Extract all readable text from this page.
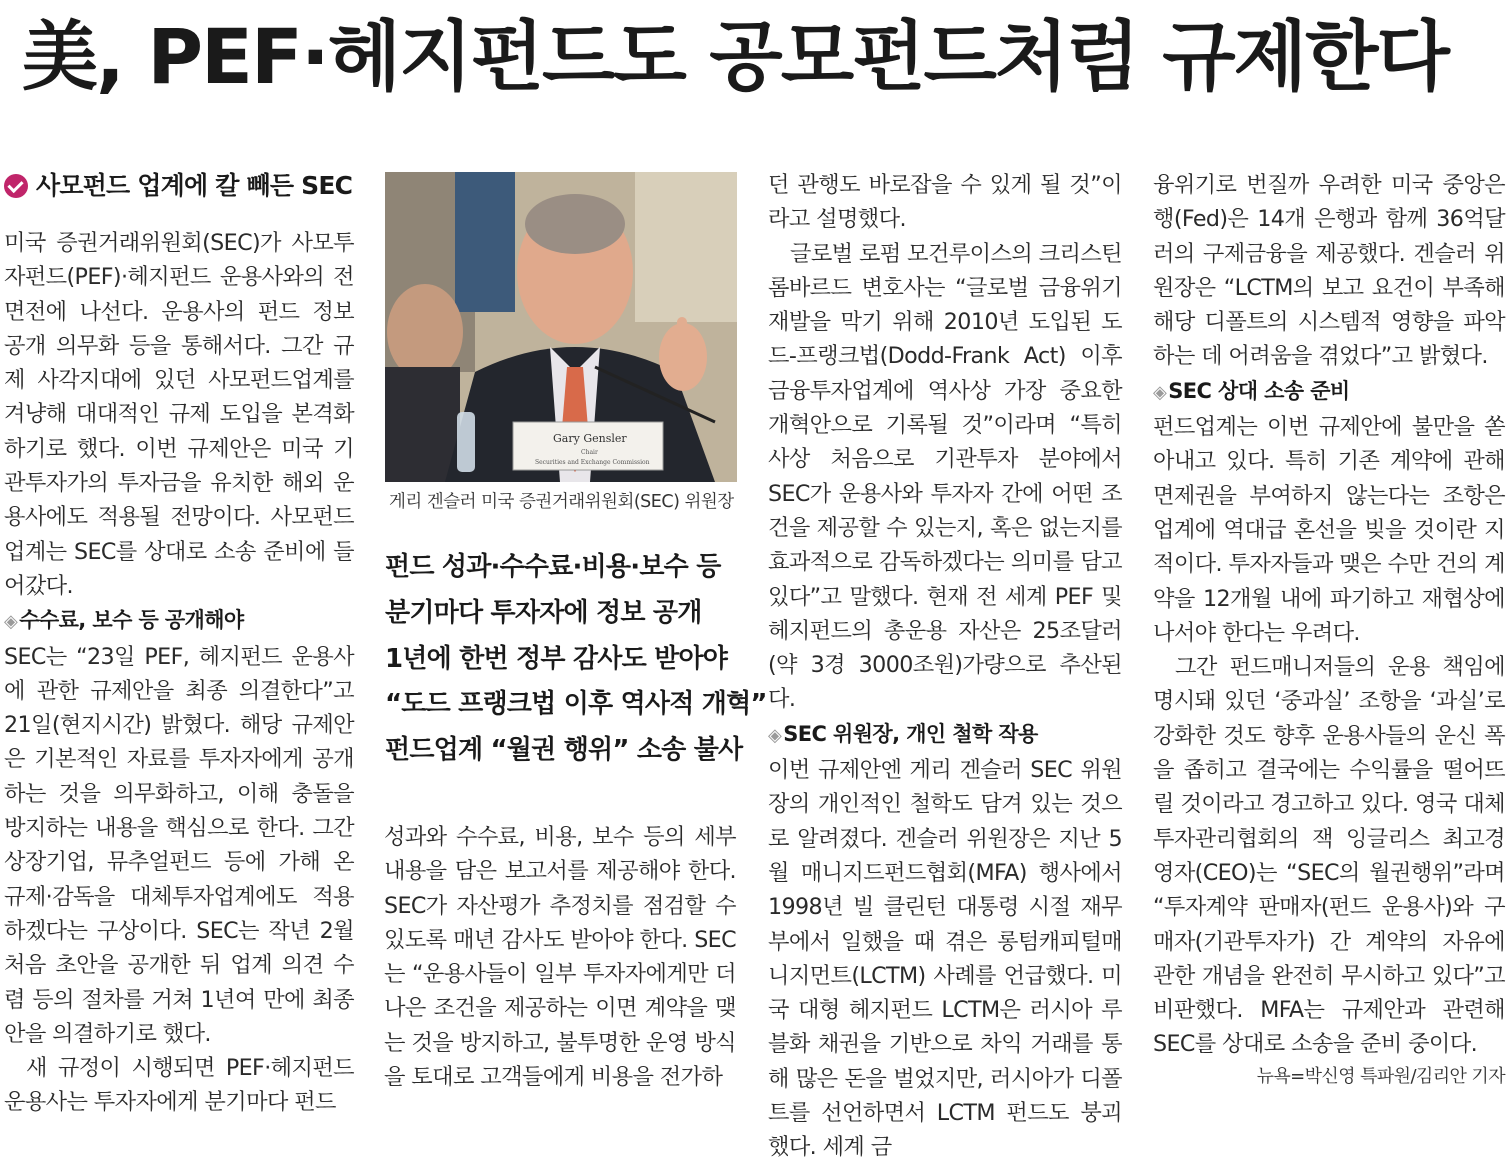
美, PEF·헤지펀드도 공모펀드처럼 규제한다
사모펀드 업계에 칼 빼든 SEC

미국 증권거래위원회(SEC)가 사모투자펀드(PEF)·헤지펀드 운용사와의 전면전에 나선다. 운용사의 펀드 정보 공개 의무화 등을 통해서다. 그간 규제 사각지대에 있던 사모펀드업계를 겨냥해 대대적인 규제 도입을 본격화하기로 했다. 이번 규제안은 미국 기관투자가의 투자금을 유치한 해외 운용사에도 적용될 전망이다. 사모펀드업계는 SEC를 상대로 소송 준비에 들어갔다.

◈수수료, 보수 등 공개해야

SEC는 “23일 PEF, 헤지펀드 운용사에 관한 규제안을 최종 의결한다”고 21일(현지시간) 밝혔다. 해당 규제안은 기본적인 자료를 투자자에게 공개하는 것을 의무화하고, 이해 충돌을 방지하는 내용을 핵심으로 한다. 그간 상장기업, 뮤추얼펀드 등에 가해 온 규제·감독을 대체투자업계에도 적용하겠다는 구상이다. SEC는 작년 2월 처음 초안을 공개한 뒤 업계 의견 수렴 등의 절차를 거쳐 1년여 만에 최종안을 의결하기로 했다.

새 규정이 시행되면 PEF·헤지펀드 운용사는 투자자에게 분기마다 펀드

Gary Gensler
Chair
Securities and Exchange Commission
게리 겐슬러 미국 증권거래위원회(SEC) 위원장
펀드 성과·수수료·비용·보수 등
분기마다 투자자에 정보 공개
1년에 한번 정부 감사도 받아야
“도드 프랭크법 이후 역사적 개혁”
펀드업계 “월권 행위” 소송 불사

성과와 수수료, 비용, 보수 등의 세부 내용을 담은 보고서를 제공해야 한다. SEC가 자산평가 추정치를 점검할 수 있도록 매년 감사도 받아야 한다. SEC는 “운용사들이 일부 투자자에게만 더 나은 조건을 제공하는 이면 계약을 맺는 것을 방지하고, 불투명한 운영 방식을 토대로 고객들에게 비용을 전가하

던 관행도 바로잡을 수 있게 될 것”이라고 설명했다.

글로벌 로펌 모건루이스의 크리스틴 롬바르드 변호사는 “글로벌 금융위기 재발을 막기 위해 2010년 도입된 도드-프랭크법(Dodd-Frank Act) 이후 금융투자업계에 역사상 가장 중요한 개혁안으로 기록될 것”이라며 “특히 사상 처음으로 기관투자 분야에서 SEC가 운용사와 투자자 간에 어떤 조건을 제공할 수 있는지, 혹은 없는지를 효과적으로 감독하겠다는 의미를 담고 있다”고 말했다. 현재 전 세계 PEF 및 헤지펀드의 총운용 자산은 25조달러(약 3경 3000조원)가량으로 추산된다.

◈SEC 위원장, 개인 철학 작용

이번 규제안엔 게리 겐슬러 SEC 위원장의 개인적인 철학도 담겨 있는 것으로 알려졌다. 겐슬러 위원장은 지난 5월 매니지드펀드협회(MFA) 행사에서 1998년 빌 클린턴 대통령 시절 재무부에서 일했을 때 겪은 롱텀캐피털매니지먼트(LCTM) 사례를 언급했다. 미국 대형 헤지펀드 LCTM은 러시아 루블화 채권을 기반으로 차익 거래를 통해 많은 돈을 벌었지만, 러시아가 디폴트를 선언하면서 LCTM 펀드도 붕괴했다. 세계 금

융위기로 번질까 우려한 미국 중앙은행(Fed)은 14개 은행과 함께 36억달러의 구제금융을 제공했다. 겐슬러 위원장은 “LCTM의 보고 요건이 부족해 해당 디폴트의 시스템적 영향을 파악하는 데 어려움을 겪었다”고 밝혔다.

◈SEC 상대 소송 준비

펀드업계는 이번 규제안에 불만을 쏟아내고 있다. 특히 기존 계약에 관해 면제권을 부여하지 않는다는 조항은 업계에 역대급 혼선을 빚을 것이란 지적이다. 투자자들과 맺은 수만 건의 계약을 12개월 내에 파기하고 재협상에 나서야 한다는 우려다.

그간 펀드매니저들의 운용 책임에 명시돼 있던 ‘중과실’ 조항을 ‘과실’로 강화한 것도 향후 운용사들의 운신 폭을 좁히고 결국에는 수익률을 떨어뜨릴 것이라고 경고하고 있다. 영국 대체투자관리협회의 잭 잉글리스 최고경영자(CEO)는 “SEC의 월권행위”라며 “투자계약 판매자(펀드 운용사)와 구매자(기관투자가) 간 계약의 자유에 관한 개념을 완전히 무시하고 있다”고 비판했다. MFA는 규제안과 관련해 SEC를 상대로 소송을 준비 중이다.

뉴욕=박신영 특파원/김리안 기자
